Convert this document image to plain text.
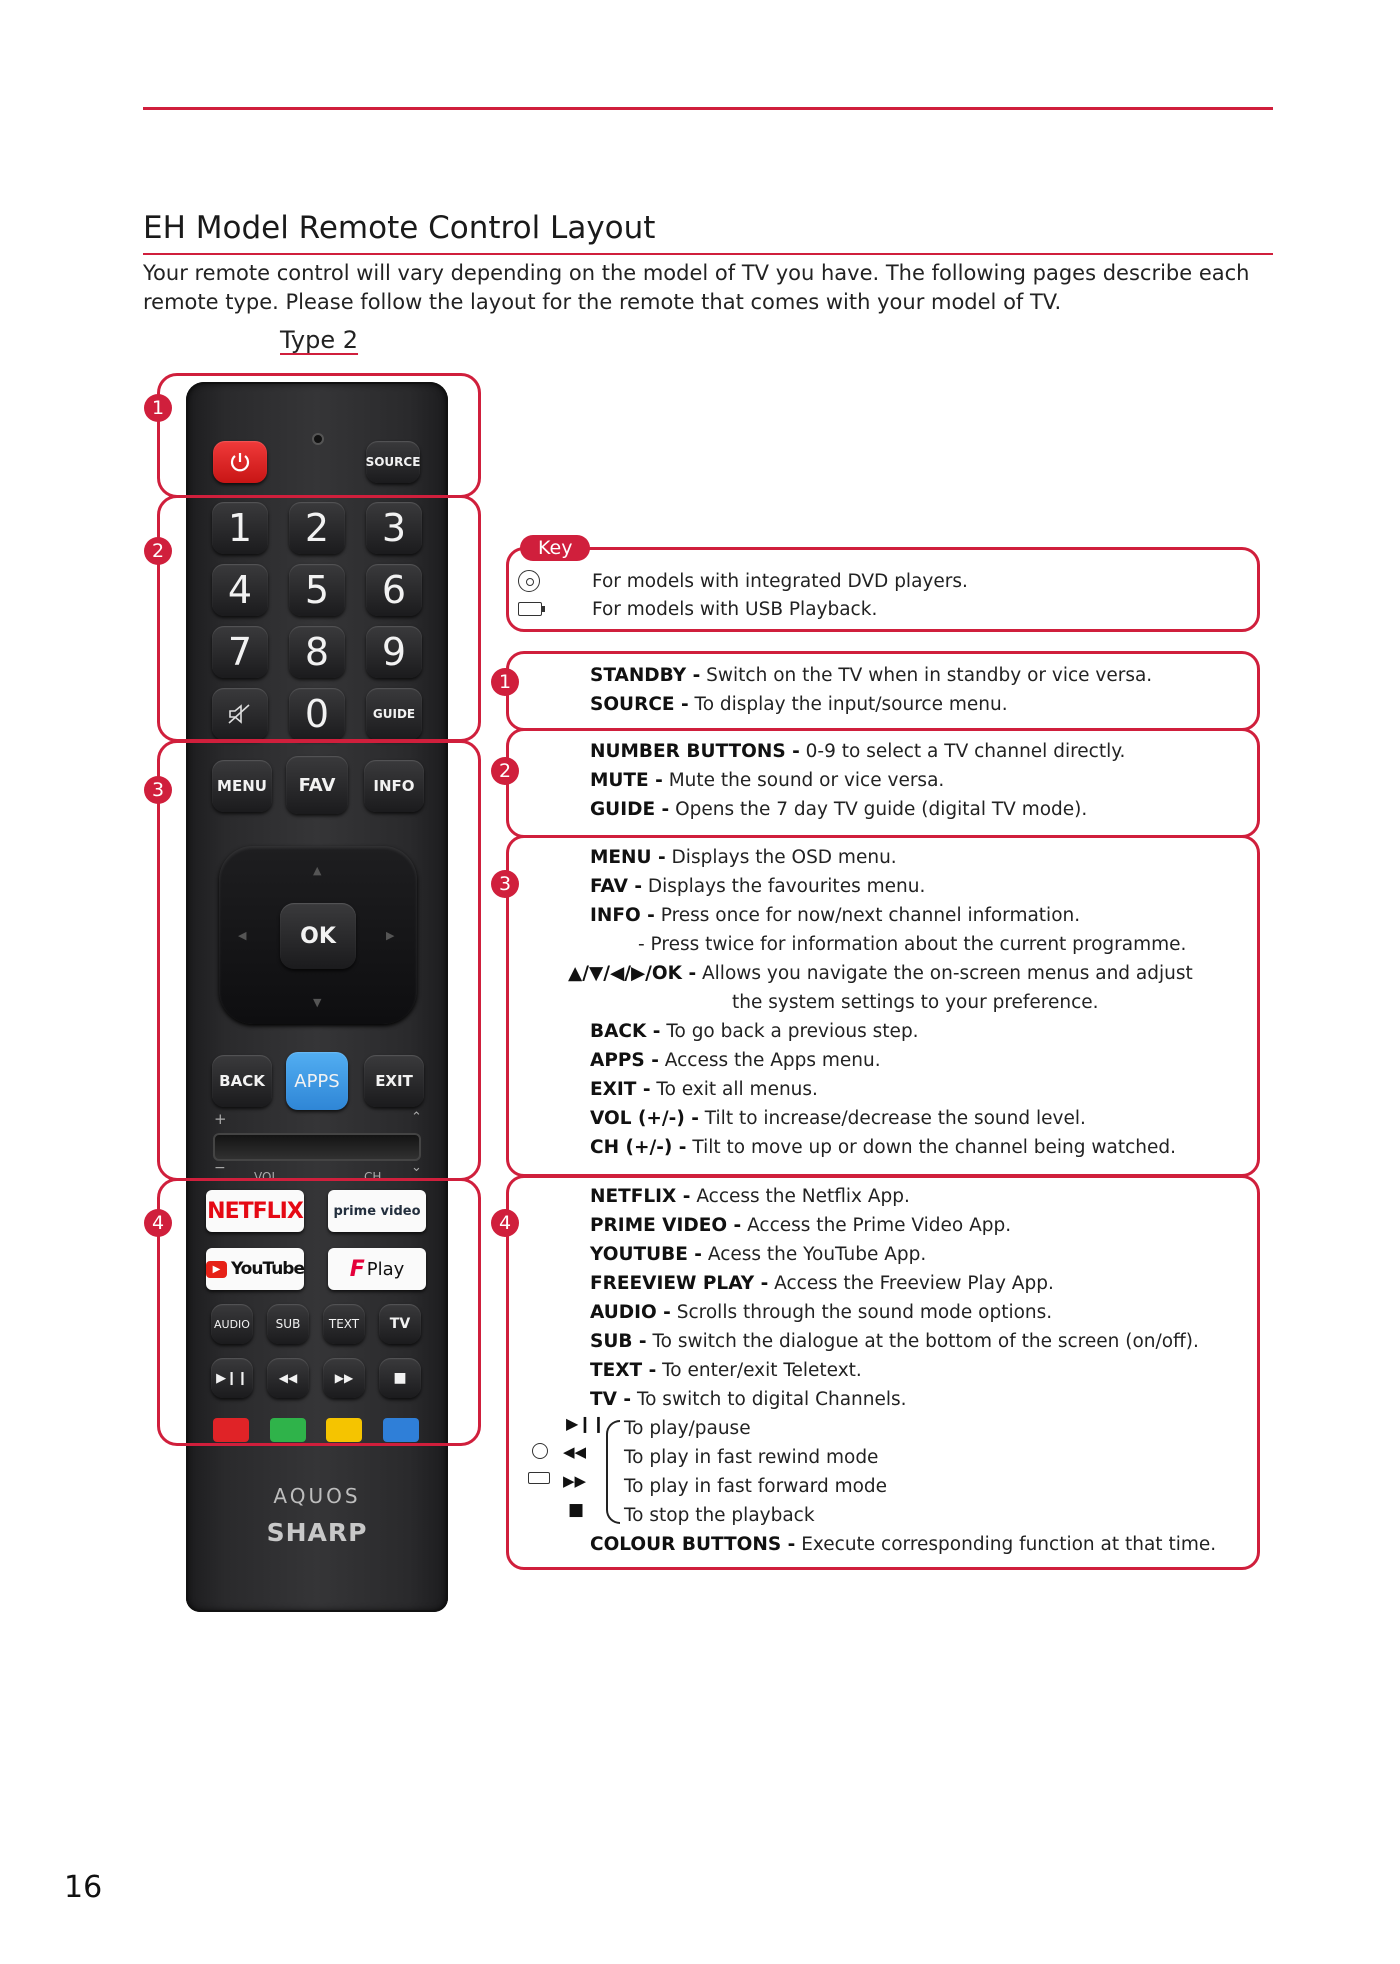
EH Model Remote Control Layout
Your remote control will vary depending on the model of TV you have. The following pages describe each
remote type. Please follow the layout for the remote that comes with your model of TV.
Type 2
SOURCE
1	2	3
4	5	6
7	8	9
0	GUIDE
MENU	FAV	INFO
▲
▼
◀	▶
OK
BACK	APPS	EXIT
+	⌃
−
VOL	CH
⌄
NETFLIX	prime video
▶ YouTube F Play
AUDIO	SUB	TEXT	TV
▶❙❙	◀◀	▶▶	■
AQUOS
SHARP
1
2
3
4
Key
For models with integrated DVD players.
For models with USB Playback.
1	STANDBY - Switch on the TV when in standby or vice versa.
SOURCE - To display the input/source menu.
2
NUMBER BUTTONS - 0-9 to select a TV channel directly.
MUTE - Mute the sound or vice versa.
GUIDE - Opens the 7 day TV guide (digital TV mode).
3
MENU - Displays the OSD menu.
FAV - Displays the favourites menu.
INFO - Press once for now/next channel information.
- Press twice for information about the current programme.
▲/▼/◀/▶/OK - Allows you navigate the on-screen menus and adjust
the system settings to your preference.
BACK - To go back a previous step.
APPS - Access the Apps menu.
EXIT - To exit all menus.
VOL (+/-) - Tilt to increase/decrease the sound level.
CH (+/-) - Tilt to move up or down the channel being watched.
4
NETFLIX - Access the Netflix App.
PRIME VIDEO - Access the Prime Video App.
YOUTUBE - Acess the YouTube App.
FREEVIEW PLAY - Access the Freeview Play App.
AUDIO - Scrolls through the sound mode options.
SUB - To switch the dialogue at the bottom of the screen (on/off).
TEXT - To enter/exit Teletext.
TV - To switch to digital Channels.
▶❙❙
◀◀
▶▶
■
To play/pause
To play in fast rewind mode
To play in fast forward mode
To stop the playback
COLOUR BUTTONS - Execute corresponding function at that time.
16
